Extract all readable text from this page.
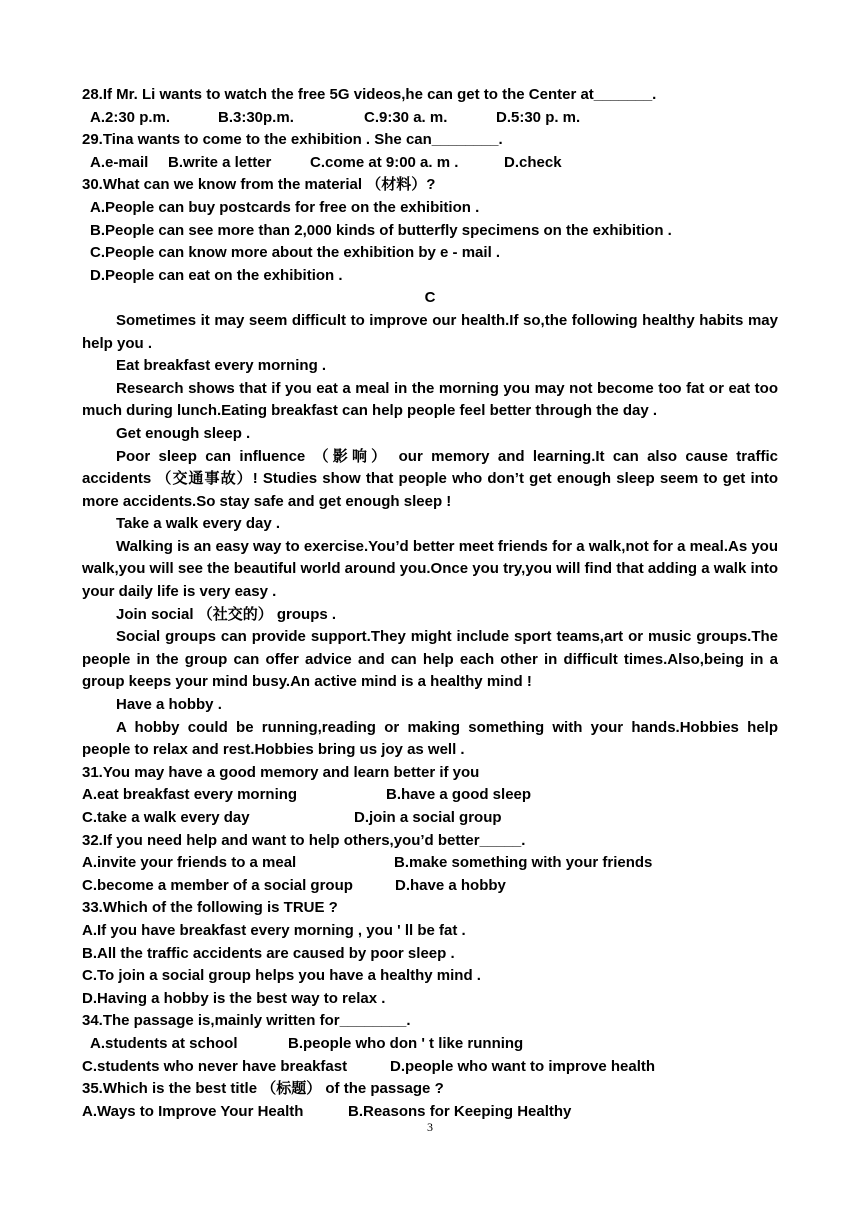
28.If Mr. Li wants to watch the free 5G videos,he can get to the Center at_______.
A.2:30 p.m.	B.3:30p.m.	C.9:30 a. m.	D.5:30 p. m.
29.Tina wants to come to the exhibition . She can________.
A.e-mail	B.write a letter	C.come at 9:00 a. m .	D.check
30.What can we know from the material （材料）?
A.People can buy postcards for free on the exhibition .
B.People can see more than 2,000 kinds of butterfly specimens on the exhibition .
C.People can know more about the exhibition by e - mail .
D.People can eat on the exhibition .
C
Sometimes it may seem difficult to improve our health.If so,the following healthy habits may help you .
Eat breakfast every morning .
Research shows that if you eat a meal in the morning you may not become too fat or eat too much during lunch.Eating breakfast can help people feel better through the day .
Get enough sleep .
Poor sleep can influence （影响） our memory and learning.It can also cause traffic accidents （交通事故）! Studies show that people who don’t get enough sleep seem to get into more accidents.So stay safe and get enough sleep !
Take a walk every day .
Walking is an easy way to exercise.You’d better meet friends for a walk,not for a meal.As you walk,you will see the beautiful world around you.Once you try,you will find that adding a walk into your daily life is very easy .
Join social （社交的） groups .
Social groups can provide support.They might include sport teams,art or music groups.The people in the group can offer advice and can help each other in difficult times.Also,being in a group keeps your mind busy.An active mind is a healthy mind !
Have a hobby .
A hobby could be running,reading or making something with your hands.Hobbies help people to relax and rest.Hobbies bring us joy as well .
31.You may have a good memory and learn better if you
A.eat breakfast every morning	B.have a good sleep
C.take a walk every day	D.join a social group
32.If you need help and want to help others,you’d better_____.
A.invite your friends to a meal	B.make something with your friends
C.become a member of a social group	D.have a hobby
33.Which of the following is TRUE ?
A.If you have breakfast every morning , you ' ll be fat .
B.All the traffic accidents are caused by poor sleep .
C.To join a social group helps you have a healthy mind .
D.Having a hobby is the best way to relax .
34.The passage is,mainly written for________.
A.students at school	B.people who don ' t like running
C.students who never have breakfast	D.people who want to improve health
35.Which is the best title （标题） of the passage ?
A.Ways to Improve Your Health	B.Reasons for Keeping Healthy
3
